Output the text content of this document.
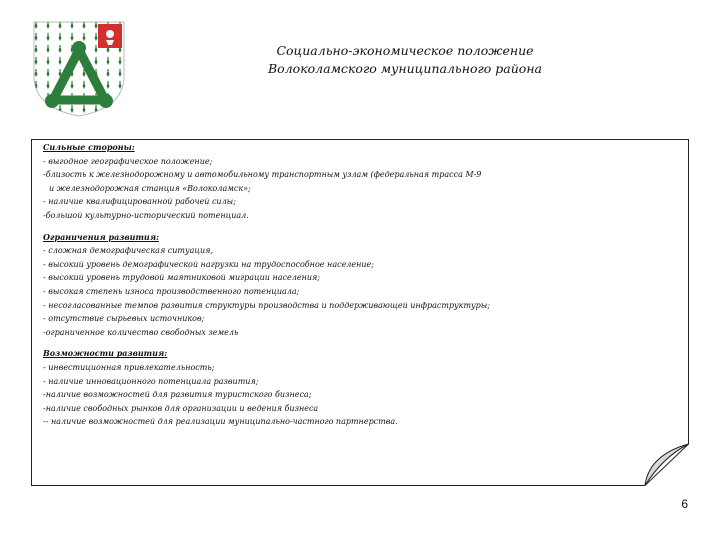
Социально-экономическое положение
Волоколамского муниципального района
Сильные стороны:
- выгодное географическое положение;
-близость к железнодорожному и автомобильному транспортным узлам (федеральная трасса М-9
и железнодорожная станция «Волоколамск»;
- наличие квалифицированной рабочей силы;
-большой культурно-исторический потенциал.
Ограничения развития:
- сложная демографическая ситуация,
- высокий уровень демографической нагрузки на трудоспособное население;
- высокий уровень трудовой маятниковой миграции населения;
- высокая степень износа производственного потенциала;
- несогласованные темпов развития структуры производства и поддерживающей инфраструктуры;
- отсутствие сырьевых источников;
-ограниченное количество свободных земель
Возможности развития:
- инвестиционная привлекательность;
- наличие инновационного потенциала развития;
-наличие возможностей для развития туристского бизнеса;
-наличие свободных рынков для организации и ведения бизнеса
-- наличие возможностей для реализации муниципально-частного партнерства.
6
